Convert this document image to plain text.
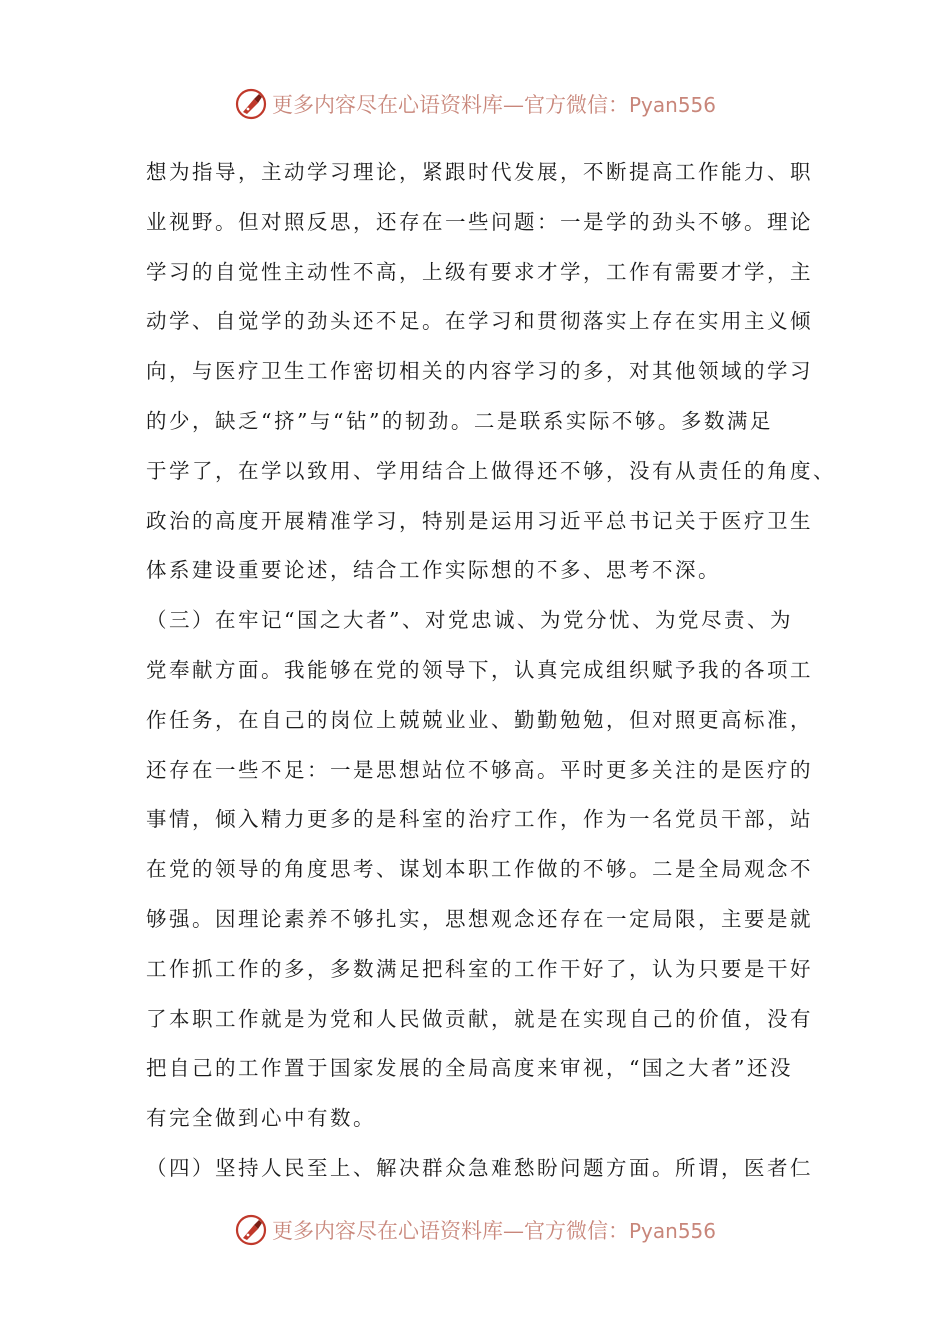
更多内容尽在心语资料库—官方微信：Pyan556
想为指导，主动学习理论，紧跟时代发展，不断提高工作能力、职
业视野。但对照反思，还存在一些问题：一是学的劲头不够。理论
学习的自觉性主动性不高，上级有要求才学，工作有需要才学，主
动学、自觉学的劲头还不足。在学习和贯彻落实上存在实用主义倾
向，与医疗卫生工作密切相关的内容学习的多，对其他领域的学习
的少，缺乏“挤”与“钻”的韧劲。二是联系实际不够。多数满足
于学了，在学以致用、学用结合上做得还不够，没有从责任的角度、
政治的高度开展精准学习，特别是运用习近平总书记关于医疗卫生
体系建设重要论述，结合工作实际想的不多、思考不深。
（三）在牢记“国之大者”、对党忠诚、为党分忧、为党尽责、为
党奉献方面。我能够在党的领导下，认真完成组织赋予我的各项工
作任务，在自己的岗位上兢兢业业、勤勤勉勉，但对照更高标准，
还存在一些不足：一是思想站位不够高。平时更多关注的是医疗的
事情，倾入精力更多的是科室的治疗工作，作为一名党员干部，站
在党的领导的角度思考、谋划本职工作做的不够。二是全局观念不
够强。因理论素养不够扎实，思想观念还存在一定局限，主要是就
工作抓工作的多，多数满足把科室的工作干好了，认为只要是干好
了本职工作就是为党和人民做贡献，就是在实现自己的价值，没有
把自己的工作置于国家发展的全局高度来审视，“国之大者”还没
有完全做到心中有数。
（四）坚持人民至上、解决群众急难愁盼问题方面。所谓，医者仁
更多内容尽在心语资料库—官方微信：Pyan556
